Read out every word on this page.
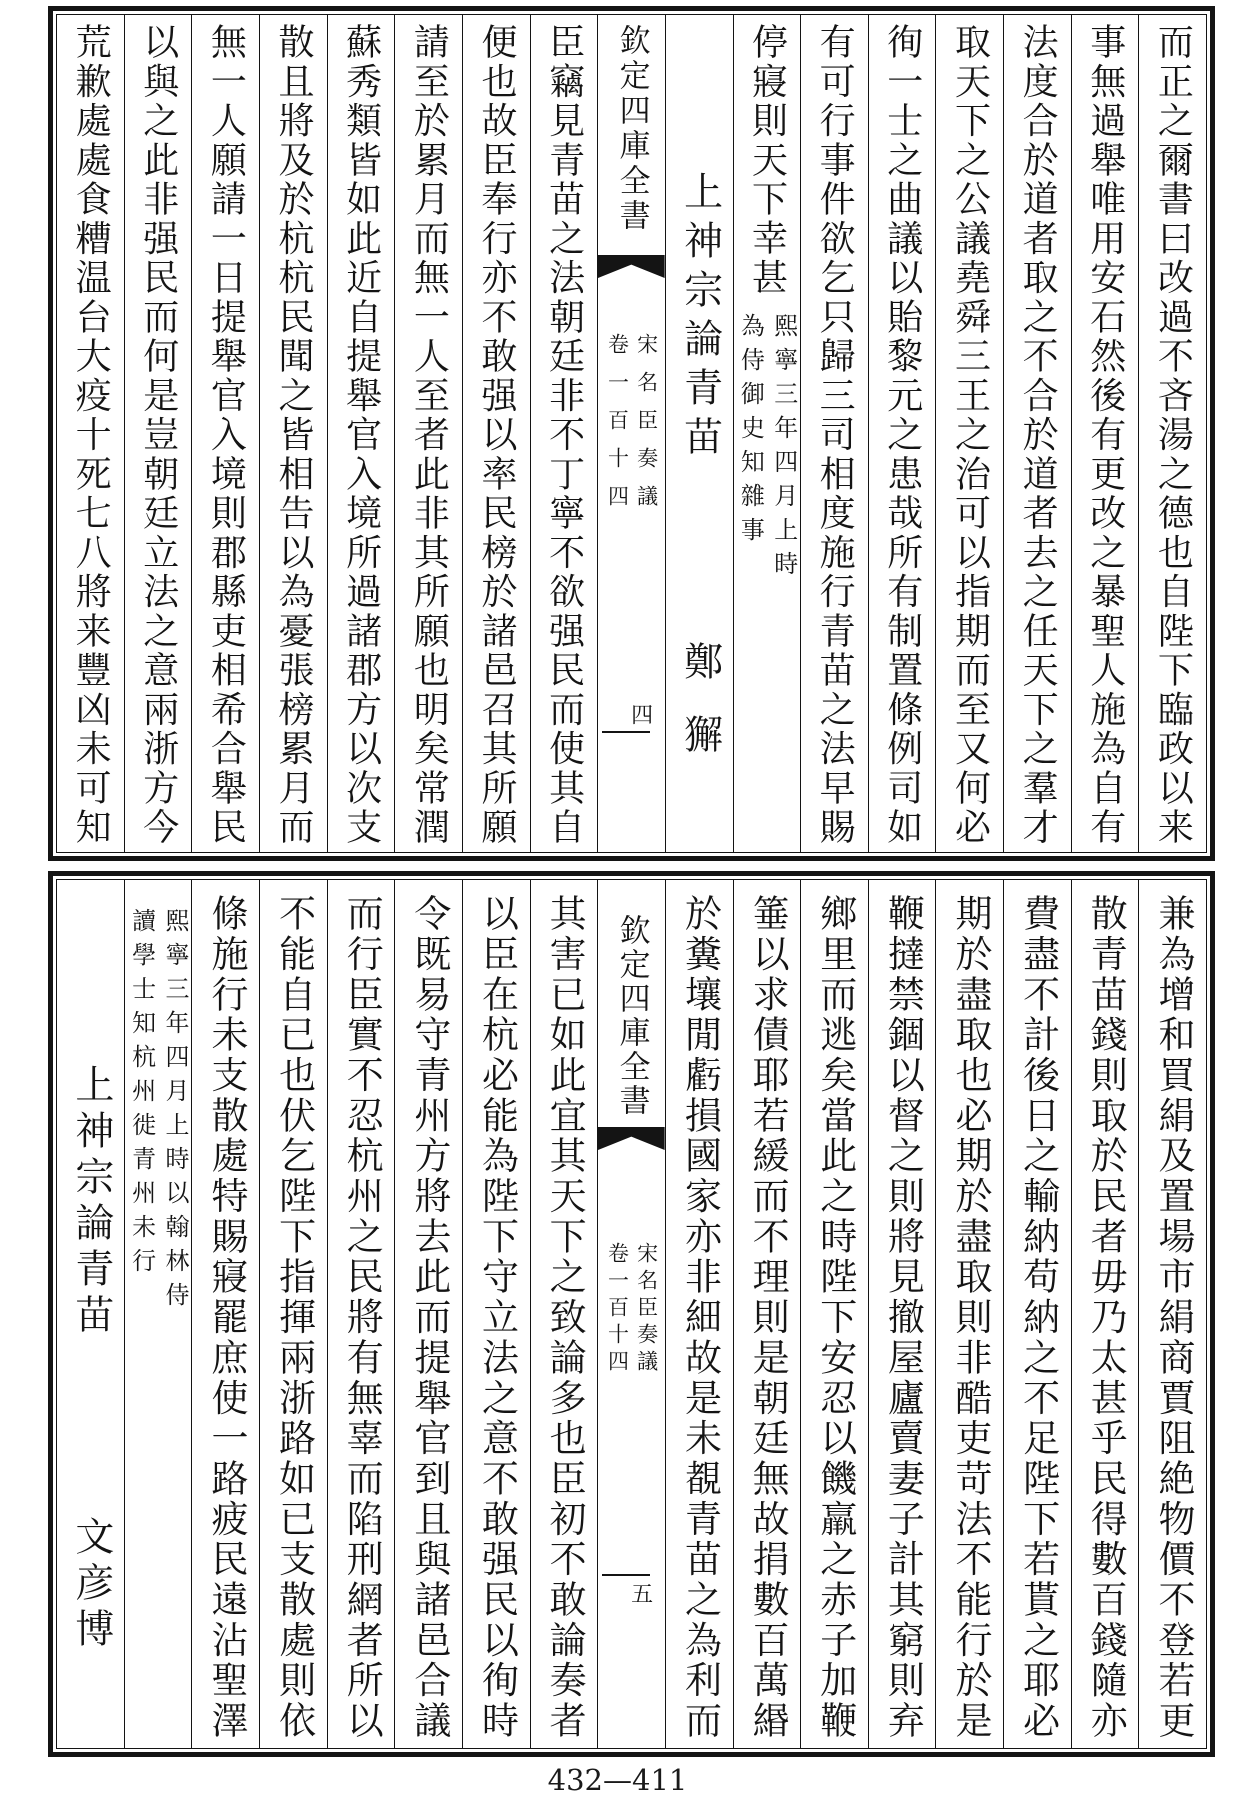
而正之爾書曰改過不吝湯之德也自陛下臨政以来
事無過舉唯用安石然後有更改之暴聖人施為自有
法度合於道者取之不合於道者去之任天下之羣才
取天下之公議堯舜三王之治可以指期而至又何必
徇一士之曲議以貽黎元之患哉所有制置條例司如
有可行事件欲乞只歸三司相度施行青苗之法早賜
停寢則天下幸甚
熙寧三年四月上時
為侍御史知雜事
上神宗論青苗
鄭獬
欽定四庫全書
宋名臣奏議
卷一百十四
四
臣竊見青苗之法朝廷非不丁寧不欲强民而使其自
便也故臣奉行亦不敢强以率民榜於諸邑召其所願
請至於累月而無一人至者此非其所願也明矣常潤
蘇秀類皆如此近自提舉官入境所過諸郡方以次支
散且將及於杭杭民聞之皆相告以為憂張榜累月而
無一人願請一日提舉官入境則郡縣吏相希合舉民
以與之此非强民而何是豈朝廷立法之意兩浙方今
荒歉處處食糟温台大疫十死七八將来豐凶未可知
兼為增和買絹及置場市絹商賈阻絶物價不登若更
散青苗錢則取於民者毋乃太甚乎民得數百錢隨亦
費盡不計後日之輸納苟納之不足陛下若貰之耶必
期於盡取也必期於盡取則非酷吏苛法不能行於是
鞭撻禁錮以督之則將見撤屋廬賣妻子計其窮則弃
鄉里而逃矣當此之時陛下安忍以饑羸之赤子加鞭
箠以求債耶若緩而不理則是朝廷無故捐數百萬緡
於糞壤閒虧損國家亦非細故是未覩青苗之為利而
欽定四庫全書
宋名臣奏議
卷一百十四
五
其害已如此宜其天下之致論多也臣初不敢論奏者
以臣在杭必能為陛下守立法之意不敢强民以徇時
令既易守青州方將去此而提舉官到且與諸邑合議
而行臣實不忍杭州之民將有無辜而陷刑網者所以
不能自已也伏乞陛下指揮兩浙路如已支散處則依
條施行未支散處特賜寢罷庶使一路疲民遠沾聖澤
熙寧三年四月上時以翰林侍
讀學士知杭州徙青州未行
上神宗論青苗
文彦博
432—411
